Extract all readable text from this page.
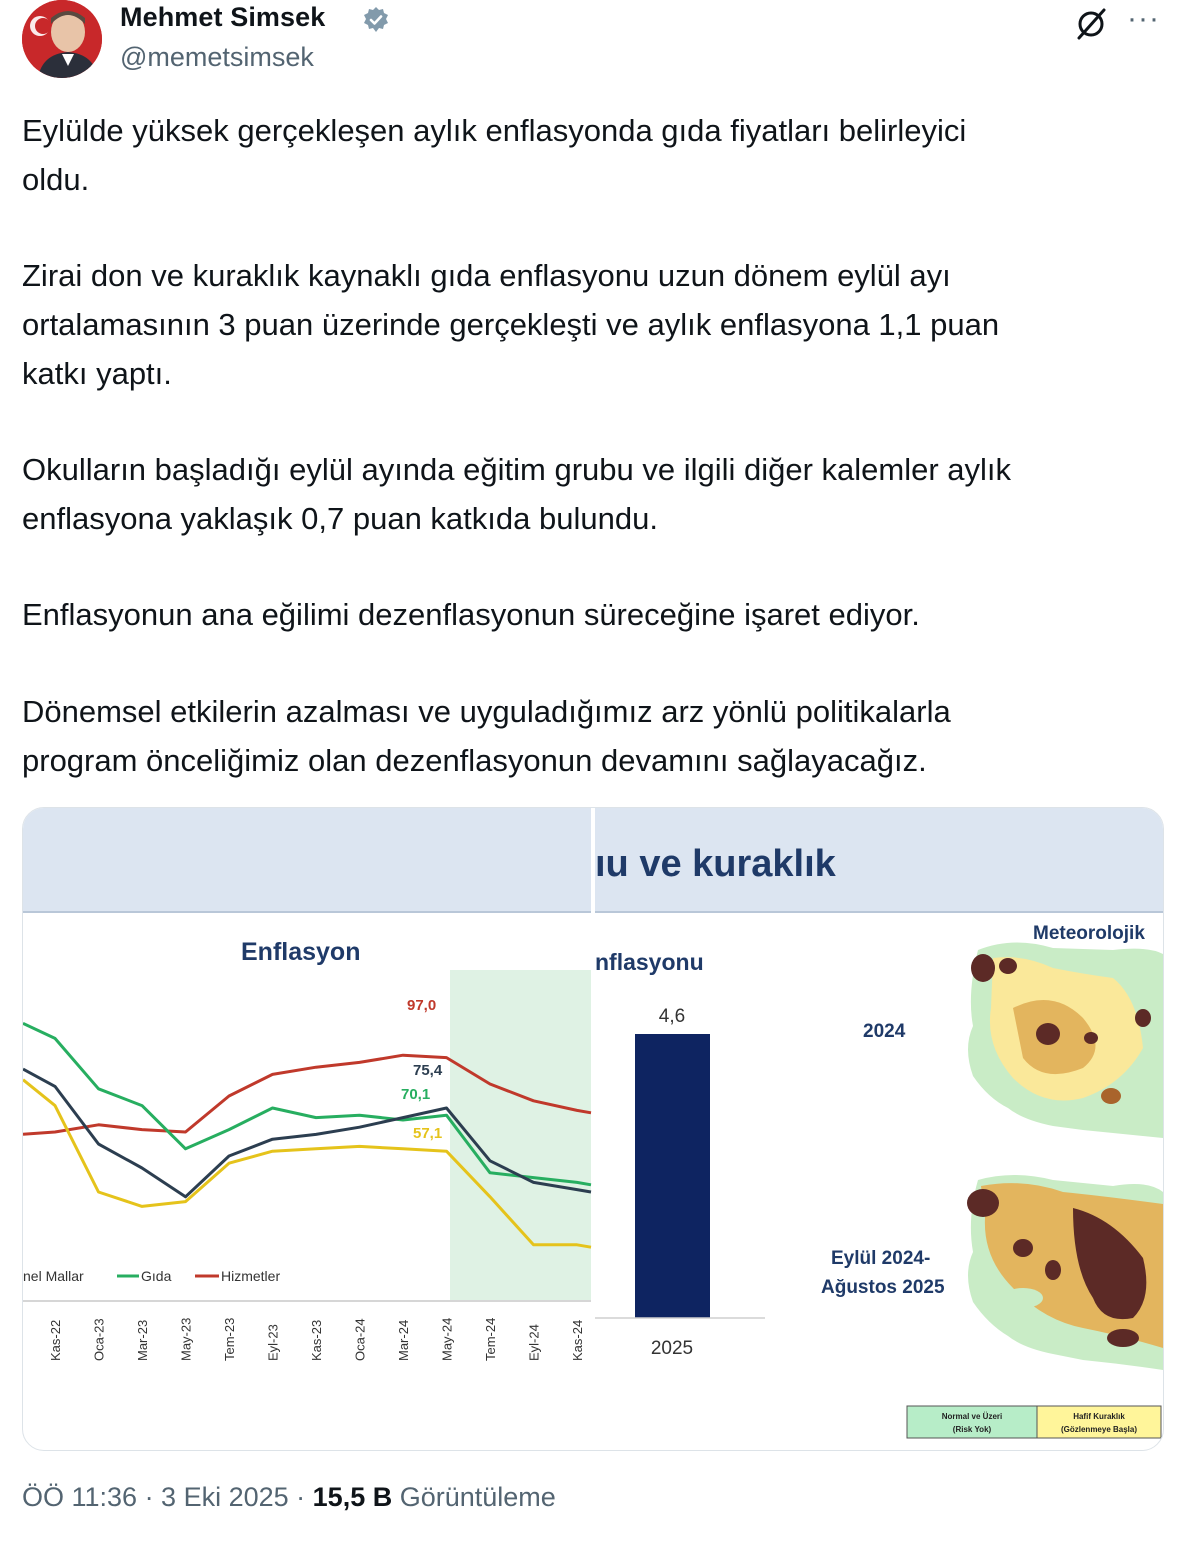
Mehmet Simsek
@memetsimsek
···
Eylülde yüksek gerçekleşen aylık enflasyonda gıda fiyatları belirleyici
oldu.
Zirai don ve kuraklık kaynaklı gıda enflasyonu uzun dönem eylül ayı
ortalamasının 3 puan üzerinde gerçekleşti ve aylık enflasyona 1,1 puan
katkı yaptı.
Okulların başladığı eylül ayında eğitim grubu ve ilgili diğer kalemler aylık
enflasyona yaklaşık 0,7 puan katkıda bulundu.
Enflasyonun ana eğilimi dezenflasyonun süreceğine işaret ediyor.
Dönemsel etkilerin azalması ve uyguladığımız arz yönlü politikalarla
program önceliğimiz olan dezenflasyonun devamını sağlayacağız.
ıu ve kuraklık
Enflasyon
97,0
75,4
70,1
57,1
nel Mallar	Gıda	Hizmetler
Kas-22 Oca-23 Mar-23 May-23 Tem-23 Eyl-23 Kas-23 Oca-24 Mar-24 May-24 Tem-24 Eyl-24 Kas-24
nflasyonu
4,6
2025
Meteorolojik
2024
Eylül 2024-
Ağustos 2025
Normal ve Üzeri
(Risk Yok)
Hafif Kuraklık
(Gözlenmeye Başla)
ÖÖ 11:36 · 3 Eki 2025 · 15,5 B Görüntüleme
